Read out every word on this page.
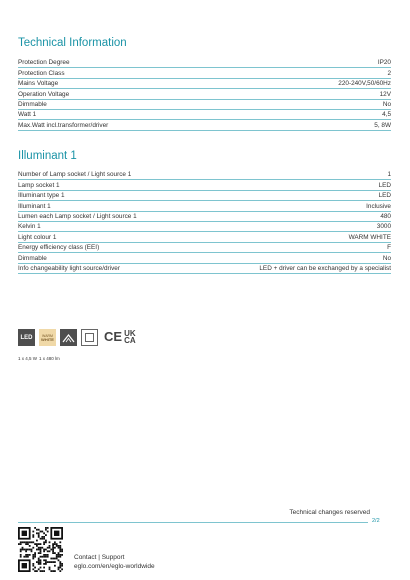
Technical Information
Protection Degree	IP20
Protection Class	2
Mains Voltage	220-240V,50/60Hz
Operation Voltage	12V
Dimmable	No
Watt 1	4,5
Max.Watt incl.transformer/driver	5, 8W
Illuminant 1
Number of Lamp socket / Light source 1	1
Lamp socket 1	LED
Illuminant type 1	LED
Illuminant 1	Inclusive
Lumen each Lamp socket / Light source 1	480
Kelvin 1	3000
Light colour 1	WARM WHITE
Energy efficiency class (EEI)	F
Dimmable	No
Info changeability light source/driver	LED + driver can be exchanged by a specialist
LED	WARM
WHITE	CE UK
CA
1 x 4,5 W 1 x 480 lm
Technical changes reserved
2/2
Contact | Support
eglo.com/en/eglo-worldwide
